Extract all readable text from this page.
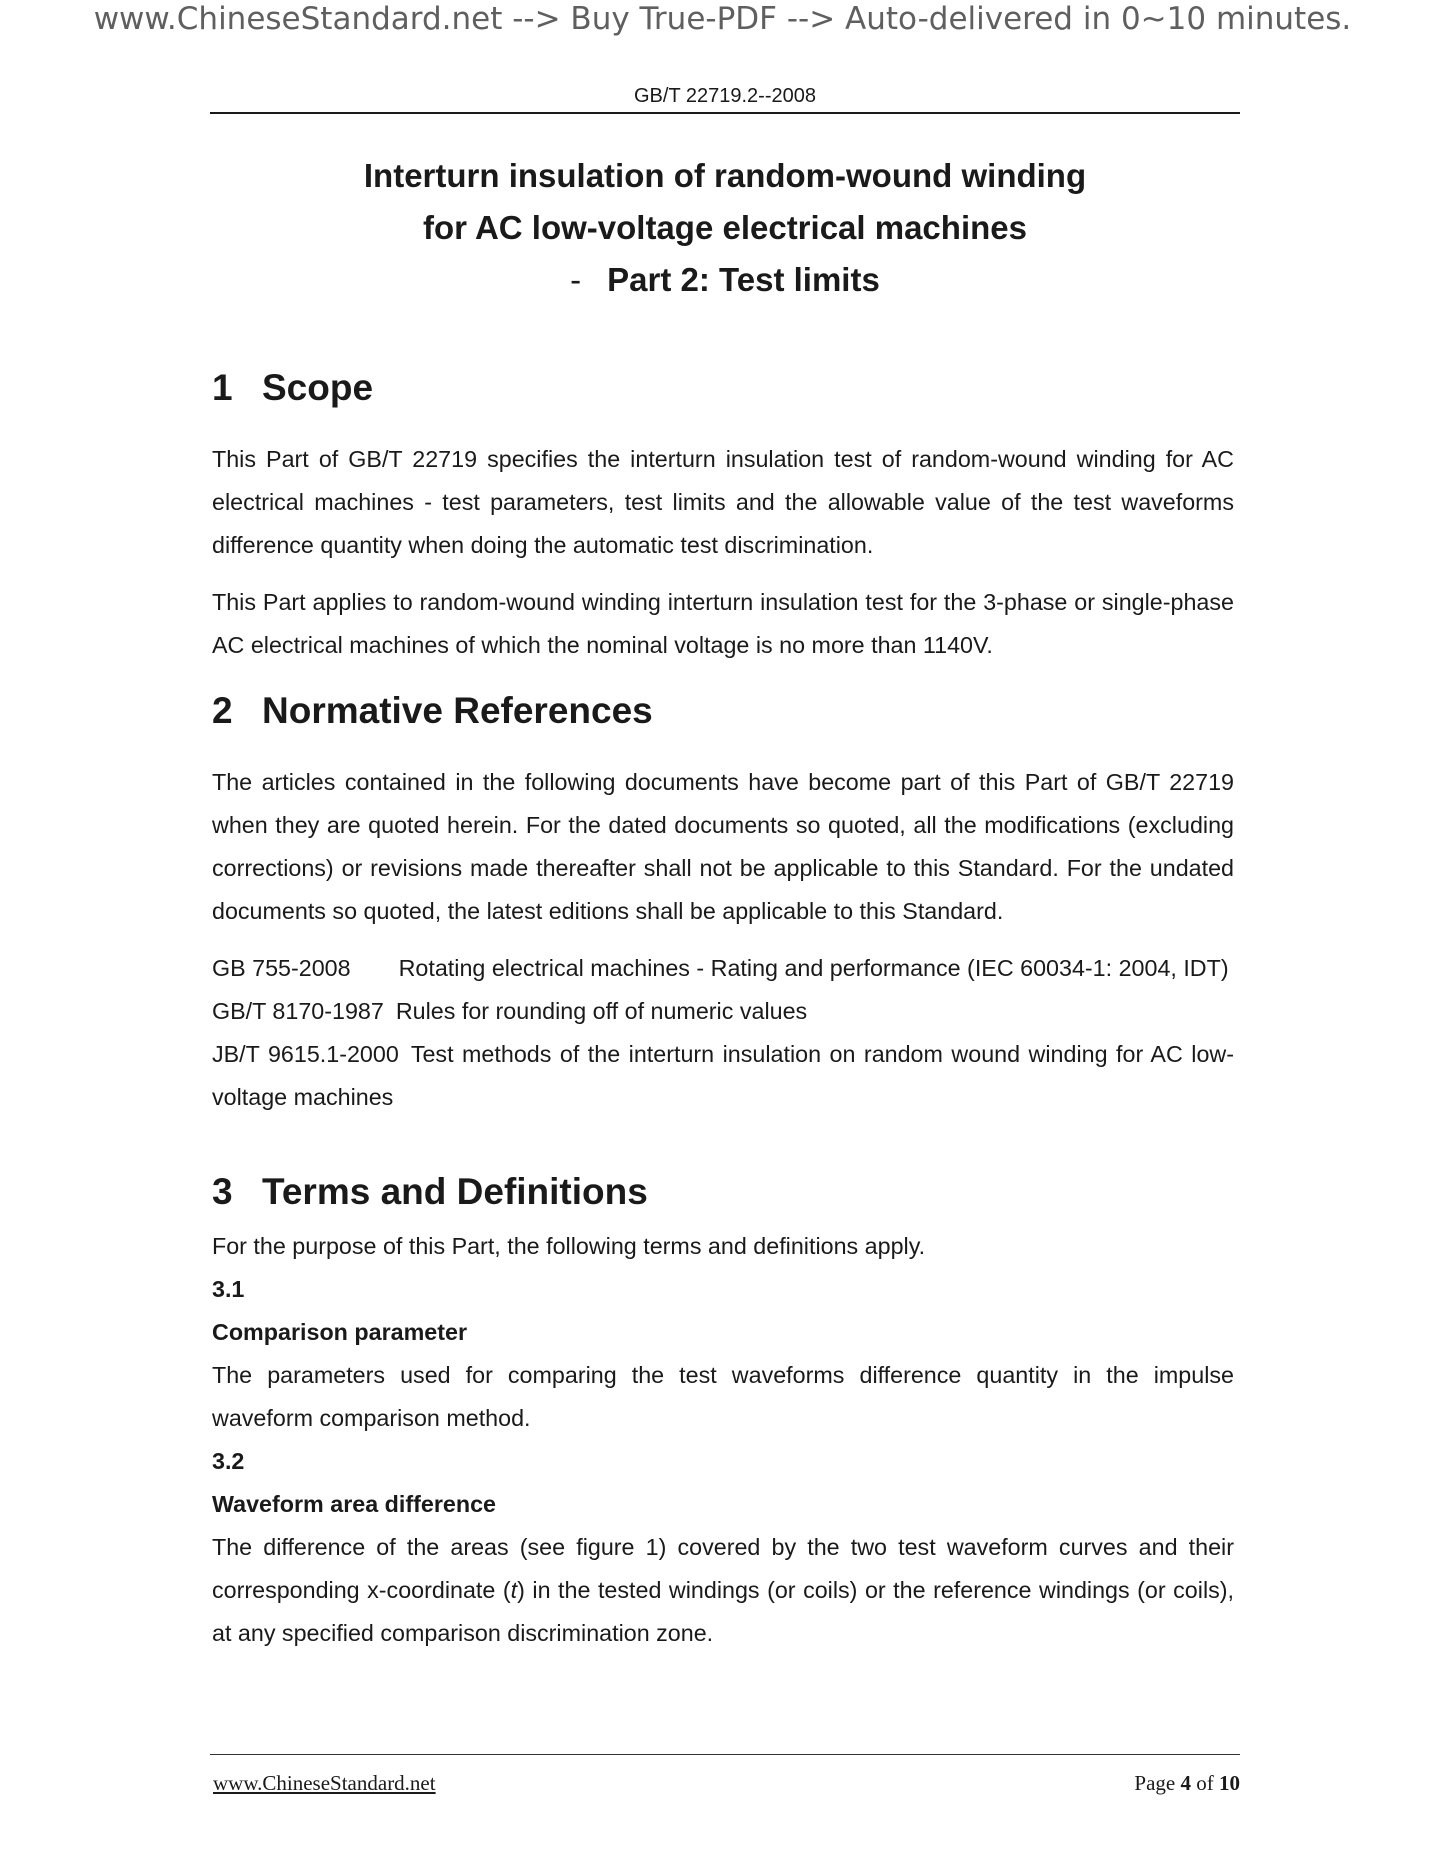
www.ChineseStandard.net --> Buy True-PDF --> Auto-delivered in 0~10 minutes.
GB/T 22719.2--2008
Interturn insulation of random-wound winding
for AC low-voltage electrical machines
- Part 2: Test limits
1 Scope

This Part of GB/T 22719 specifies the interturn insulation test of random-wound winding for AC electrical machines - test parameters, test limits and the allowable value of the test waveforms difference quantity when doing the automatic test discrimination.

This Part applies to random-wound winding interturn insulation test for the 3-phase or single-phase AC electrical machines of which the nominal voltage is no more than 1140V.

2 Normative References

The articles contained in the following documents have become part of this Part of GB/T 22719 when they are quoted herein. For the dated documents so quoted, all the modifications (excluding corrections) or revisions made thereafter shall not be applicable to this Standard. For the undated documents so quoted, the latest editions shall be applicable to this Standard.

GB 755-2008 Rotating electrical machines - Rating and performance (IEC 60034-1: 2004, IDT)

GB/T 8170-1987 Rules for rounding off of numeric values

JB/T 9615.1-2000 Test methods of the interturn insulation on random wound winding for AC low-voltage machines

3 Terms and Definitions

For the purpose of this Part, the following terms and definitions apply.

3.1

Comparison parameter

The parameters used for comparing the test waveforms difference quantity in the impulse waveform comparison method.

3.2

Waveform area difference

The difference of the areas (see figure 1) covered by the two test waveform curves and their corresponding x-coordinate (t) in the tested windings (or coils) or the reference windings (or coils), at any specified comparison discrimination zone.

www.ChineseStandard.net	Page 4 of 10
